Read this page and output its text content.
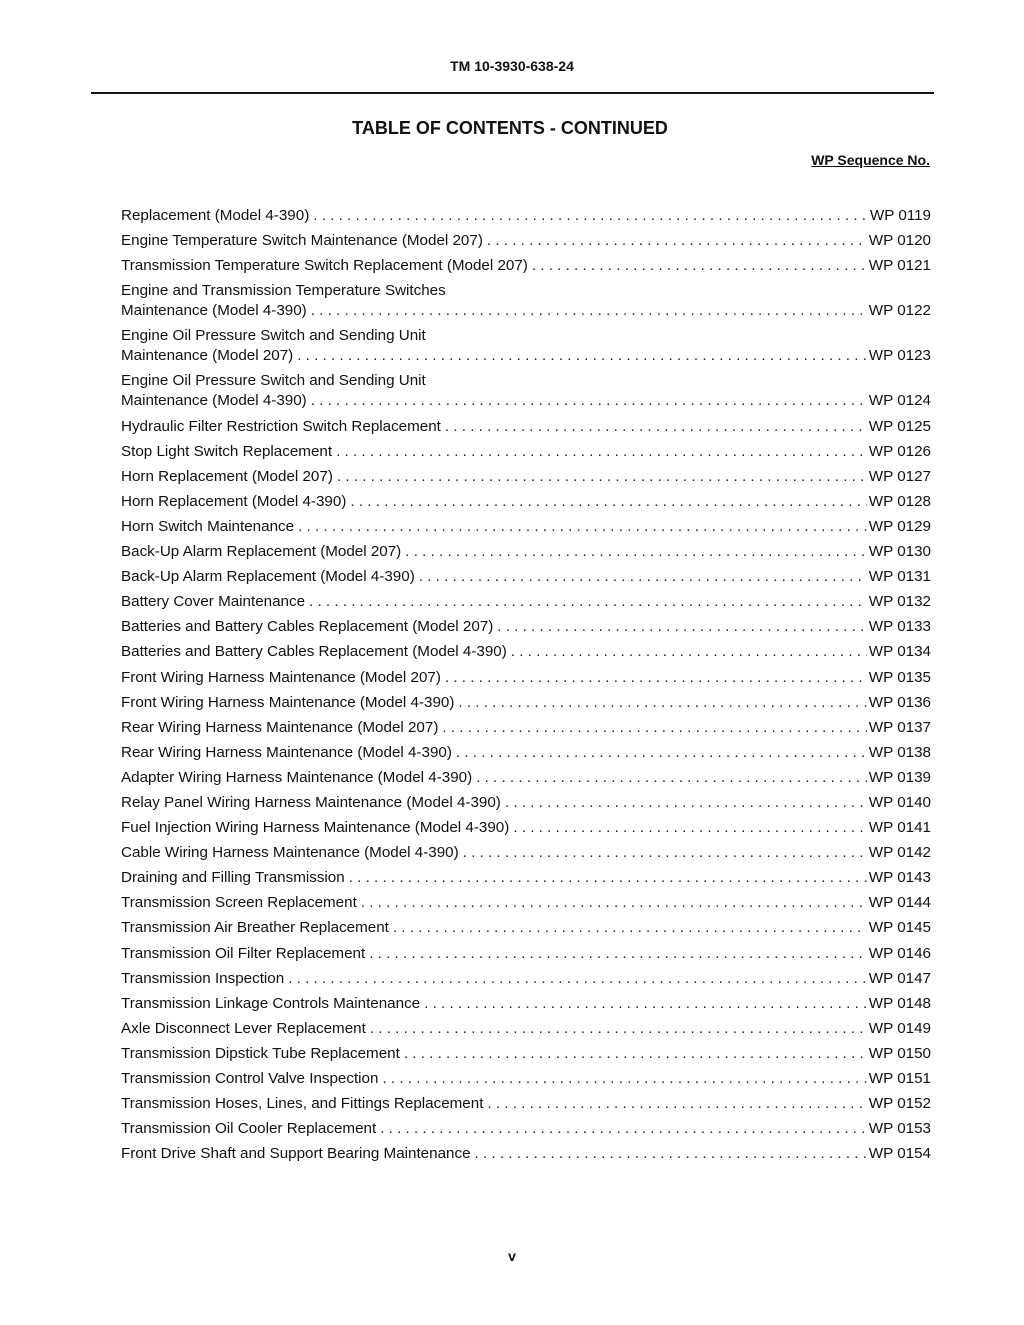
TM 10-3930-638-24
TABLE OF CONTENTS - CONTINUED
WP Sequence No.
Replacement (Model 4-390) . . .	WP 0119
Engine Temperature Switch Maintenance (Model 207) . . .	WP 0120
Transmission Temperature Switch Replacement (Model 207) . . .	WP 0121
Engine and Transmission Temperature Switches
Maintenance (Model 4-390) . . .	WP 0122
Engine Oil Pressure Switch and Sending Unit
Maintenance (Model 207) . . .	WP 0123
Engine Oil Pressure Switch and Sending Unit
Maintenance (Model 4-390) . . .	WP 0124
Hydraulic Filter Restriction Switch Replacement . . .	WP 0125
Stop Light Switch Replacement . . .	WP 0126
Horn Replacement (Model 207) . . .	WP 0127
Horn Replacement (Model 4-390) . . .	WP 0128
Horn Switch Maintenance . . .	WP 0129
Back-Up Alarm Replacement (Model 207) . . .	WP 0130
Back-Up Alarm Replacement (Model 4-390) . . .	WP 0131
Battery Cover Maintenance . . .	WP 0132
Batteries and Battery Cables Replacement (Model 207) . . .	WP 0133
Batteries and Battery Cables Replacement (Model 4-390) . . .	WP 0134
Front Wiring Harness Maintenance (Model 207) . . .	WP 0135
Front Wiring Harness Maintenance (Model 4-390) . . .	WP 0136
Rear Wiring Harness Maintenance (Model 207) . . .	WP 0137
Rear Wiring Harness Maintenance (Model 4-390) . . .	WP 0138
Adapter Wiring Harness Maintenance (Model 4-390) . . .	WP 0139
Relay Panel Wiring Harness Maintenance (Model 4-390) . . .	WP 0140
Fuel Injection Wiring Harness Maintenance (Model 4-390) . . .	WP 0141
Cable Wiring Harness Maintenance (Model 4-390) . . .	WP 0142
Draining and Filling Transmission . . .	WP 0143
Transmission Screen Replacement . . .	WP 0144
Transmission Air Breather Replacement . . .	WP 0145
Transmission Oil Filter Replacement . . .	WP 0146
Transmission Inspection . . .	WP 0147
Transmission Linkage Controls Maintenance . . .	WP 0148
Axle Disconnect Lever Replacement . . .	WP 0149
Transmission Dipstick Tube Replacement . . .	WP 0150
Transmission Control Valve Inspection . . .	WP 0151
Transmission Hoses, Lines, and Fittings Replacement . . .	WP 0152
Transmission Oil Cooler Replacement . . .	WP 0153
Front Drive Shaft and Support Bearing Maintenance . . .	WP 0154
v
